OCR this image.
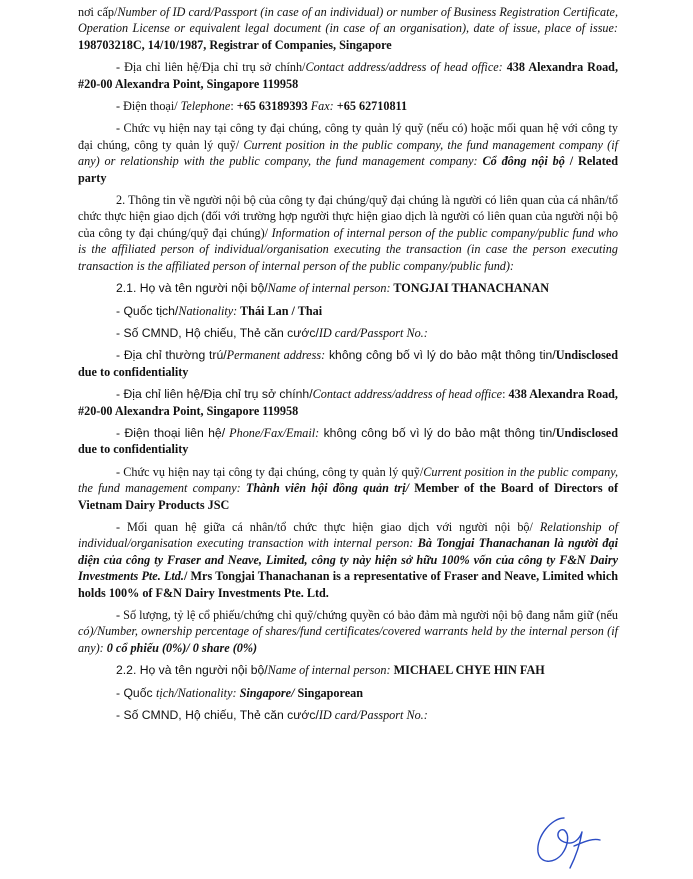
nơi cấp/Number of ID card/Passport (in case of an individual) or number of Business Registration Certificate, Operation License or equivalent legal document (in case of an organisation), date of issue, place of issue: 198703218C, 14/10/1987, Registrar of Companies, Singapore

- Địa chỉ liên hệ/Địa chỉ trụ sở chính/Contact address/address of head office: 438 Alexandra Road, #20-00 Alexandra Point, Singapore 119958

- Điện thoại/ Telephone: +65 63189393 Fax: +65 62710811

- Chức vụ hiện nay tại công ty đại chúng, công ty quản lý quỹ (nếu có) hoặc mối quan hệ với công ty đại chúng, công ty quản lý quỹ/ Current position in the public company, the fund management company (if any) or relationship with the public company, the fund management company: Cổ đông nội bộ / Related party

2. Thông tin về người nội bộ của công ty đại chúng/quỹ đại chúng là người có liên quan của cá nhân/tổ chức thực hiện giao dịch (đối với trường hợp người thực hiện giao dịch là người có liên quan của người nội bộ của công ty đại chúng/quỹ đại chúng)/ Information of internal person of the public company/public fund who is the affiliated person of individual/organisation executing the transaction (in case the person executing transaction is the affiliated person of internal person of the public company/public fund):

2.1. Họ và tên người nội bộ/Name of internal person: TONGJAI THANACHANAN

- Quốc tịch/Nationality: Thái Lan / Thai

- Số CMND, Hộ chiếu, Thẻ căn cước/ID card/Passport No.:

- Địa chỉ thường trú/Permanent address: không công bố vì lý do bảo mật thông tin/Undisclosed due to confidentiality

- Địa chỉ liên hệ/Địa chỉ trụ sở chính/Contact address/address of head office: 438 Alexandra Road, #20-00 Alexandra Point, Singapore 119958

- Điện thoại liên hệ/ Phone/Fax/Email: không công bố vì lý do bảo mật thông tin/Undisclosed due to confidentiality

- Chức vụ hiện nay tại công ty đại chúng, công ty quản lý quỹ/Current position in the public company, the fund management company: Thành viên hội đồng quản trị/ Member of the Board of Directors of Vietnam Dairy Products JSC

- Mối quan hệ giữa cá nhân/tổ chức thực hiện giao dịch với người nội bộ/ Relationship of individual/organisation executing transaction with internal person: Bà Tongjai Thanachanan là người đại diện của công ty Fraser and Neave, Limited, công ty này hiện sở hữu 100% vốn của công ty F&N Dairy Investments Pte. Ltd./ Mrs Tongjai Thanachanan is a representative of Fraser and Neave, Limited which holds 100% of F&N Dairy Investments Pte. Ltd.

- Số lượng, tỷ lệ cổ phiếu/chứng chỉ quỹ/chứng quyền có bảo đảm mà người nội bộ đang nắm giữ (nếu có)/Number, ownership percentage of shares/fund certificates/covered warrants held by the internal person (if any): 0 cổ phiếu (0%)/ 0 share (0%)

2.2. Họ và tên người nội bộ/Name of internal person: MICHAEL CHYE HIN FAH

- Quốc tịch/Nationality: Singapore/ Singaporean

- Số CMND, Hộ chiếu, Thẻ căn cước/ID card/Passport No.:
